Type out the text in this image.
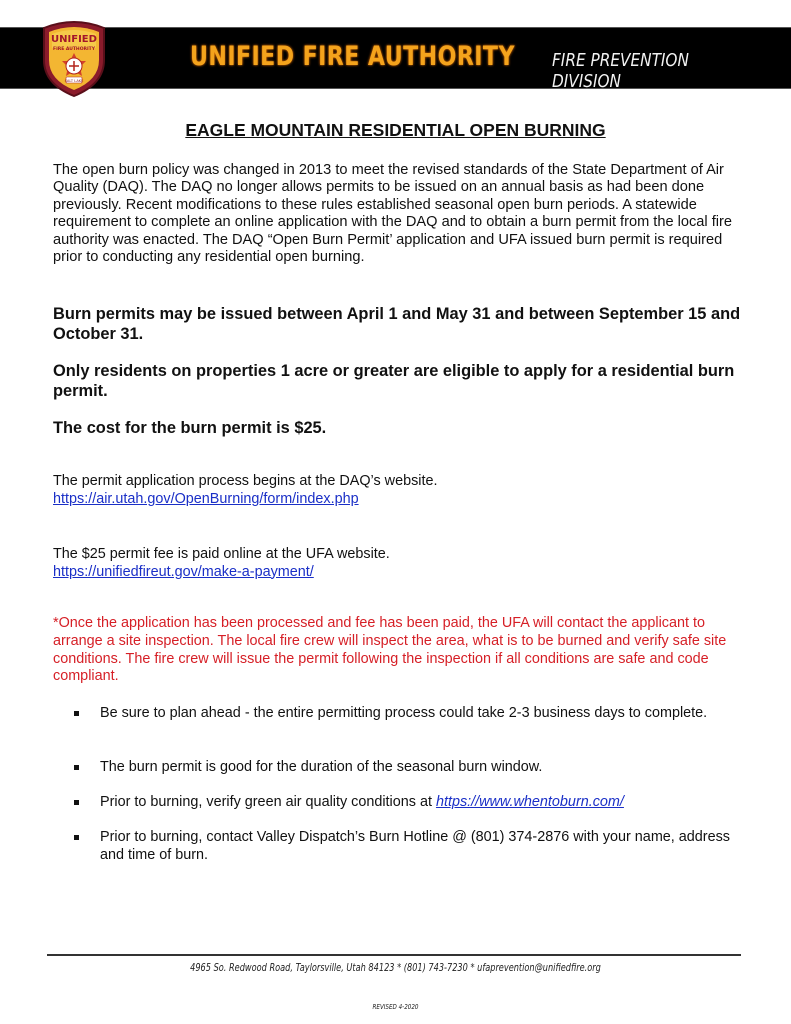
UNIFIED
FIRE AUTHORITY
SALT LAKE
UNIFIED FIRE AUTHORITY FIRE PREVENTION DIVISION
EAGLE MOUNTAIN RESIDENTIAL OPEN BURNING

The open burn policy was changed in 2013 to meet the revised standards of the State Department of Air Quality (DAQ). The DAQ no longer allows permits to be issued on an annual basis as had been done previously. Recent modifications to these rules established seasonal open burn periods. A statewide requirement to complete an online application with the DAQ and to obtain a burn permit from the local fire authority was enacted. The DAQ “Open Burn Permit’ application and UFA issued burn permit is required prior to conducting any residential open burning.

Burn permits may be issued between April 1 and May 31 and between September 15 and October 31.

Only residents on properties 1 acre or greater are eligible to apply for a residential burn permit.

The cost for the burn permit is $25.

The permit application process begins at the DAQ’s website.
https://air.utah.gov/OpenBurning/form/index.php
The $25 permit fee is paid online at the UFA website.
https://unifiedfireut.gov/make-a-payment/

*Once the application has been processed and fee has been paid, the UFA will contact the applicant to arrange a site inspection. The local fire crew will inspect the area, what is to be burned and verify safe site conditions. The fire crew will issue the permit following the inspection if all conditions are safe and code compliant.

Be sure to plan ahead - the entire permitting process could take 2-3 business days to complete.
The burn permit is good for the duration of the seasonal burn window.
Prior to burning, verify green air quality conditions at https://www.whentoburn.com/
Prior to burning, contact Valley Dispatch’s Burn Hotline @ (801) 374-2876 with your name, address and time of burn.
4965 So. Redwood Road, Taylorsville, Utah 84123 * (801) 743-7230 * ufaprevention@unifiedfire.org
REVISED 4-2020
